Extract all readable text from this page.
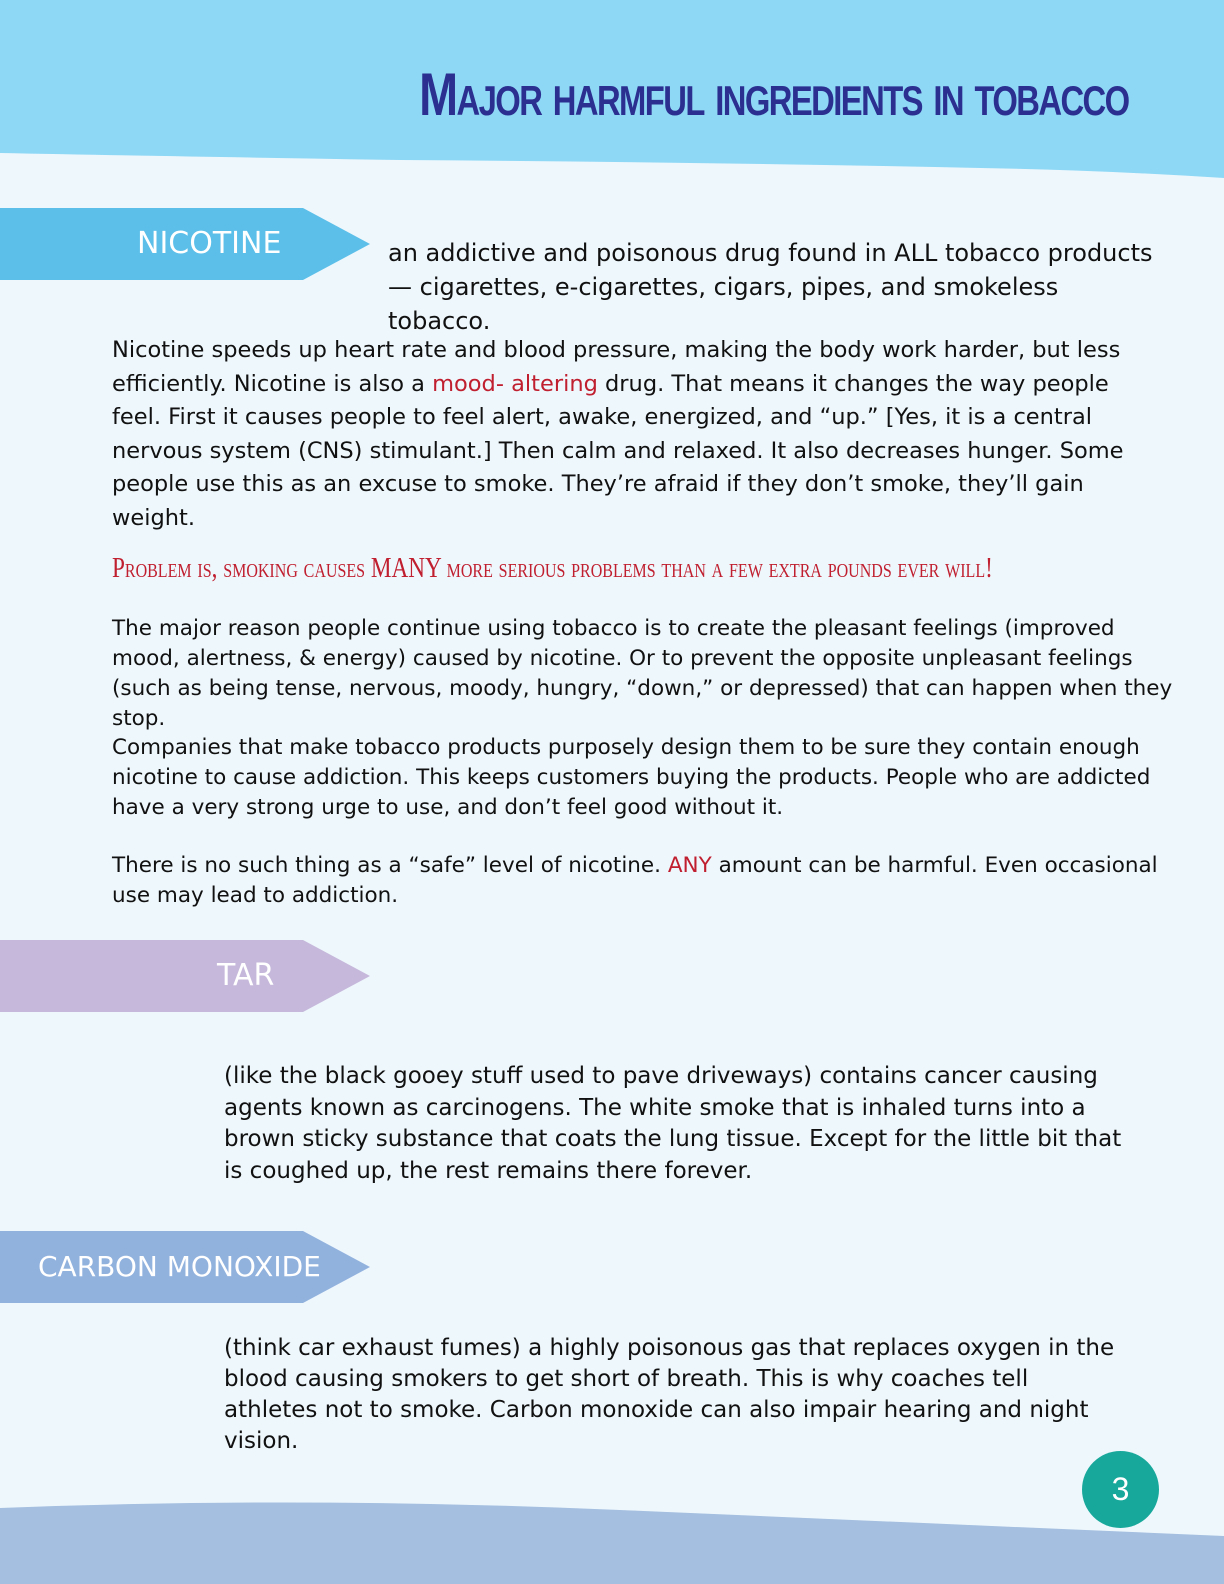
Major harmful ingredients in tobacco
NICOTINE	an addictive and poisonous drug found in ALL tobacco products — cigarettes, e-cigarettes, cigars, pipes, and smokeless tobacco.

Nicotine speeds up heart rate and blood pressure, making the body work harder, but less efficiently. Nicotine is also a mood- altering drug. That means it changes the way people feel. First it causes people to feel alert, awake, energized, and “up.” [Yes, it is a central nervous system (CNS) stimulant.] Then calm and relaxed. It also decreases hunger. Some people use this as an excuse to smoke. They’re afraid if they don’t smoke, they’ll gain weight.

Problem is, smoking causes MANY more serious problems than a few extra pounds ever will!

The major reason people continue using tobacco is to create the pleasant feelings (improved mood, alertness, & energy) caused by nicotine. Or to prevent the opposite unpleasant feelings (such as being tense, nervous, moody, hungry, “down,” or depressed) that can happen when they stop.

Companies that make tobacco products purposely design them to be sure they contain enough nicotine to cause addiction. This keeps customers buying the products. People who are addicted have a very strong urge to use, and don’t feel good without it.

There is no such thing as a “safe” level of nicotine. ANY amount can be harmful. Even occasional use may lead to addiction.

TAR

(like the black gooey stuff used to pave driveways) contains cancer causing agents known as carcinogens. The white smoke that is inhaled turns into a brown sticky substance that coats the lung tissue. Except for the little bit that is coughed up, the rest remains there forever.

CARBON MONOXIDE

(think car exhaust fumes) a highly poisonous gas that replaces oxygen in the blood causing smokers to get short of breath. This is why coaches tell athletes not to smoke. Carbon monoxide can also impair hearing and night vision.

3
